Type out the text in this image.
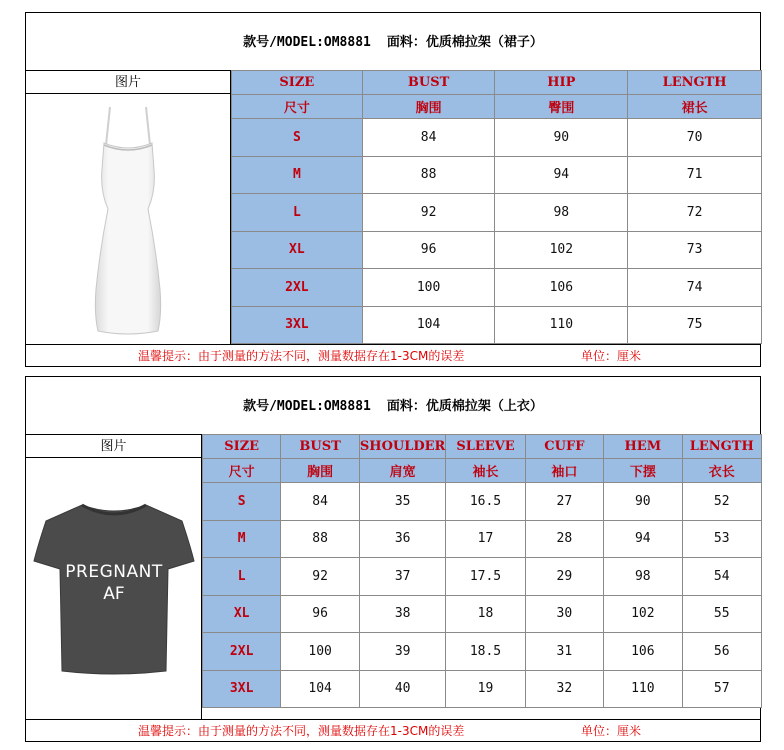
款号/MODEL:OM8881 面料：优质棉拉架（裙子）
图片	SIZE	BUST	HIP	LENGTH
尺寸	胸围	臀围	裙长
S	84	90	70
M	88	94	71
L	92	98	72
XL	96	102	73
2XL	100	106	74
3XL	104	110	75
温馨提示：由于测量的方法不同，测量数据存在1-3CM的误差	单位：厘米
款号/MODEL:OM8881 面料：优质棉拉架（上衣）
图片
PREGNANT
AF
SIZE	BUST	SHOULDER	SLEEVE	CUFF	HEM	LENGTH
尺寸	胸围	肩宽	袖长	袖口	下摆	衣长
S	84	35	16.5	27	90	52
M	88	36	17	28	94	53
L	92	37	17.5	29	98	54
XL	96	38	18	30	102	55
2XL	100	39	18.5	31	106	56
3XL	104	40	19	32	110	57
温馨提示：由于测量的方法不同，测量数据存在1-3CM的误差	单位：厘米
